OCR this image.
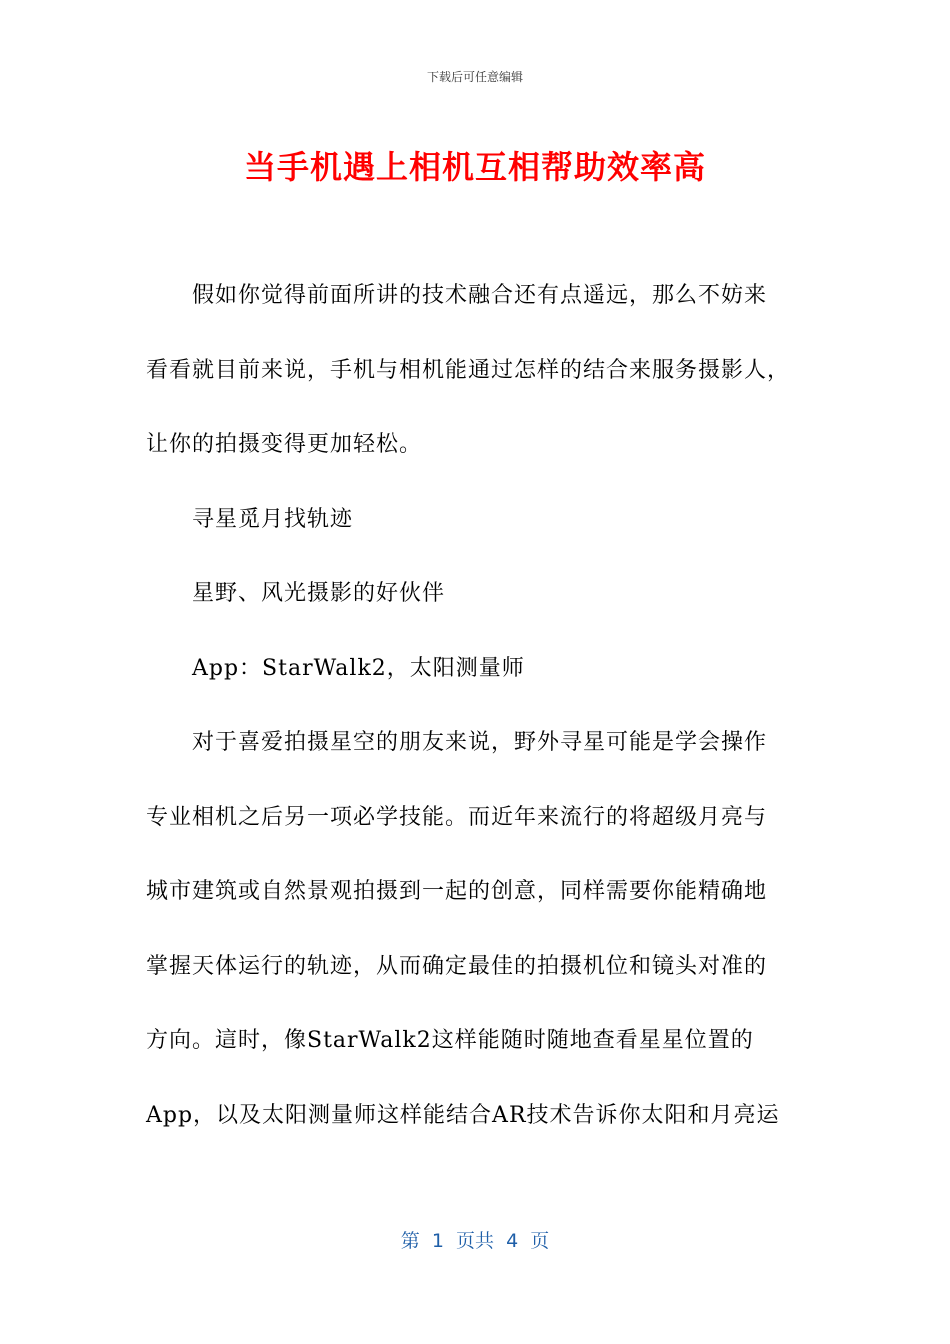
下载后可任意编辑
当手机遇上相机互相帮助效率高
假如你觉得前面所讲的技术融合还有点遥远，那么不妨来
看看就目前来说，手机与相机能通过怎样的结合来服务摄影人，
让你的拍摄变得更加轻松。
寻星觅月找轨迹
星野、风光摄影的好伙伴
App：StarWalk2，太阳测量师
对于喜爱拍摄星空的朋友来说，野外寻星可能是学会操作
专业相机之后另一项必学技能。而近年来流行的将超级月亮与
城市建筑或自然景观拍摄到一起的创意，同样需要你能精确地
掌握天体运行的轨迹，从而确定最佳的拍摄机位和镜头对准的
方向。這时，像StarWalk2这样能随时随地查看星星位置的
App，以及太阳测量师这样能结合AR技术告诉你太阳和月亮运
第  1  页共  4  页
